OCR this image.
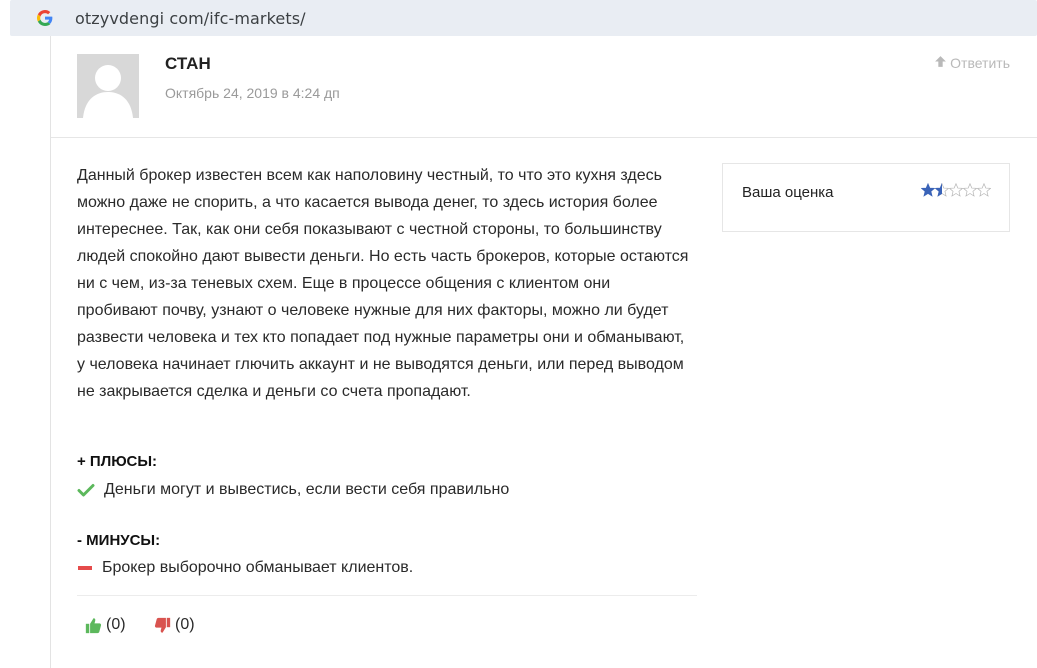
otzyvdengi com/ifc-markets/
СТАН
Октябрь 24, 2019 в 4:24 дп
Ответить
Данный брокер известен всем как наполовину честный, то что это кухня здесь можно даже не спорить, а что касается вывода денег, то здесь история более интереснее. Так, как они себя показывают с честной стороны, то большинству людей спокойно дают вывести деньги. Но есть часть брокеров, которые остаются ни с чем, из-за теневых схем. Еще в процессе общения с клиентом они пробивают почву, узнают о человеке нужные для них факторы, можно ли будет развести человека и тех кто попадает под нужные параметры они и обманывают, у человека начинает глючить аккаунт и не выводятся деньги, или перед выводом не закрывается сделка и деньги со счета пропадают.
Ваша оценка
+ ПЛЮСЫ:
Деньги могут и вывестись, если вести себя правильно
- МИНУСЫ:
Брокер выборочно обманывает клиентов.
(0)	(0)
